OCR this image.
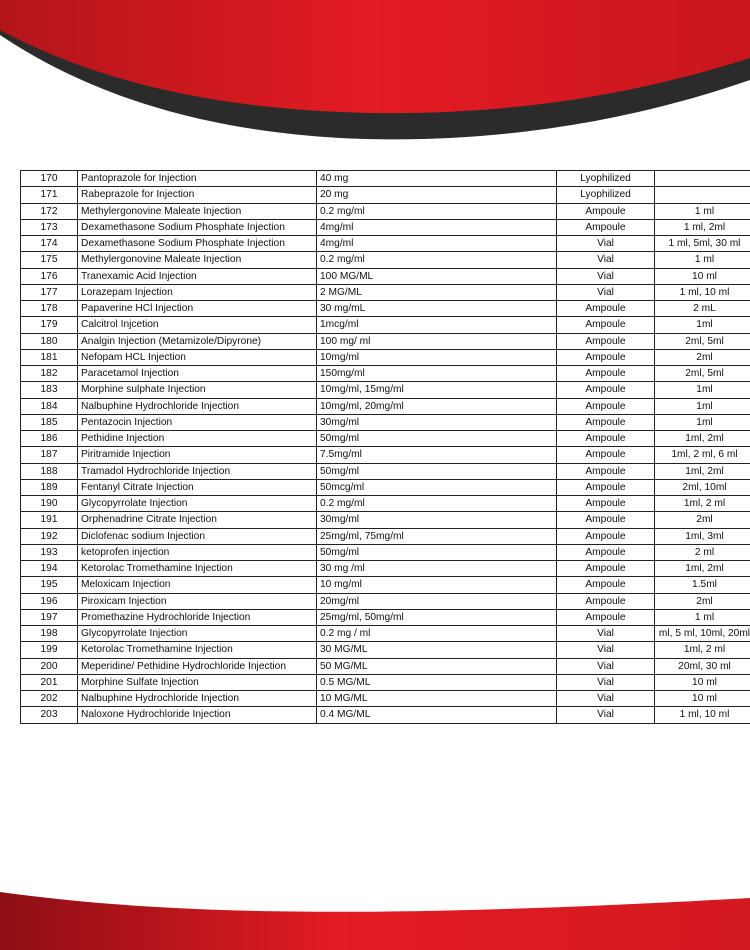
170	Pantoprazole for Injection	40 mg	Lyophilized	
171	Rabeprazole for Injection	20 mg	Lyophilized	
172	Methylergonovine Maleate Injection	0.2 mg/ml	Ampoule	1 ml
173	Dexamethasone Sodium Phosphate Injection	4mg/ml	Ampoule	1 ml, 2ml
174	Dexamethasone Sodium Phosphate Injection	4mg/ml	Vial	1 ml, 5ml, 30 ml
175	Methylergonovine Maleate Injection	0.2 mg/ml	Vial	1 ml
176	Tranexamic Acid Injection	100 MG/ML	Vial	10 ml
177	Lorazepam Injection	2 MG/ML	Vial	1 ml, 10 ml
178	Papaverine HCl Injection	30 mg/mL	Ampoule	2 mL
179	Calcitrol Injcetion	1mcg/ml	Ampoule	1ml
180	Analgin Injection (Metamizole/Dipyrone)	100 mg/ ml	Ampoule	2ml, 5ml
181	Nefopam HCL Injection	10mg/ml	Ampoule	2ml
182	Paracetamol Injection	150mg/ml	Ampoule	2ml, 5ml
183	Morphine sulphate Injection	10mg/ml, 15mg/ml	Ampoule	1ml
184	Nalbuphine Hydrochloride Injection	10mg/ml, 20mg/ml	Ampoule	1ml
185	Pentazocin Injection	30mg/ml	Ampoule	1ml
186	Pethidine Injection	50mg/ml	Ampoule	1ml, 2ml
187	Piritramide Injection	7.5mg/ml	Ampoule	1ml, 2 ml, 6 ml
188	Tramadol Hydrochloride Injection	50mg/ml	Ampoule	1ml, 2ml
189	Fentanyl Citrate Injection	50mcg/ml	Ampoule	2ml, 10ml
190	Glycopyrrolate Injection	0.2 mg/ml	Ampoule	1ml, 2 ml
191	Orphenadrine Citrate Injection	30mg/ml	Ampoule	2ml
192	Diclofenac sodium Injection	25mg/ml, 75mg/ml	Ampoule	1ml, 3ml
193	ketoprofen injection	50mg/ml	Ampoule	2 ml
194	Ketorolac Tromethamine Injection	30 mg /ml	Ampoule	1ml, 2ml
195	Meloxicam Injection	10 mg/ml	Ampoule	1.5ml
196	Piroxicam Injection	20mg/ml	Ampoule	2ml
197	Promethazine Hydrochloride Injection	25mg/ml, 50mg/ml	Ampoule	1 ml
198	Glycopyrrolate Injection	0.2 mg / ml	Vial	ml, 5 ml, 10ml, 20ml
199	Ketorolac Tromethamine Injection	30 MG/ML	Vial	1ml, 2 ml
200	Meperidine/ Pethidine Hydrochloride Injection	50 MG/ML	Vial	20ml, 30 ml
201	Morphine Sulfate Injection	0.5 MG/ML	Vial	10 ml
202	Nalbuphine Hydrochloride Injection	10 MG/ML	Vial	10 ml
203	Naloxone Hydrochloride Injection	0.4 MG/ML	Vial	1 ml, 10 ml
